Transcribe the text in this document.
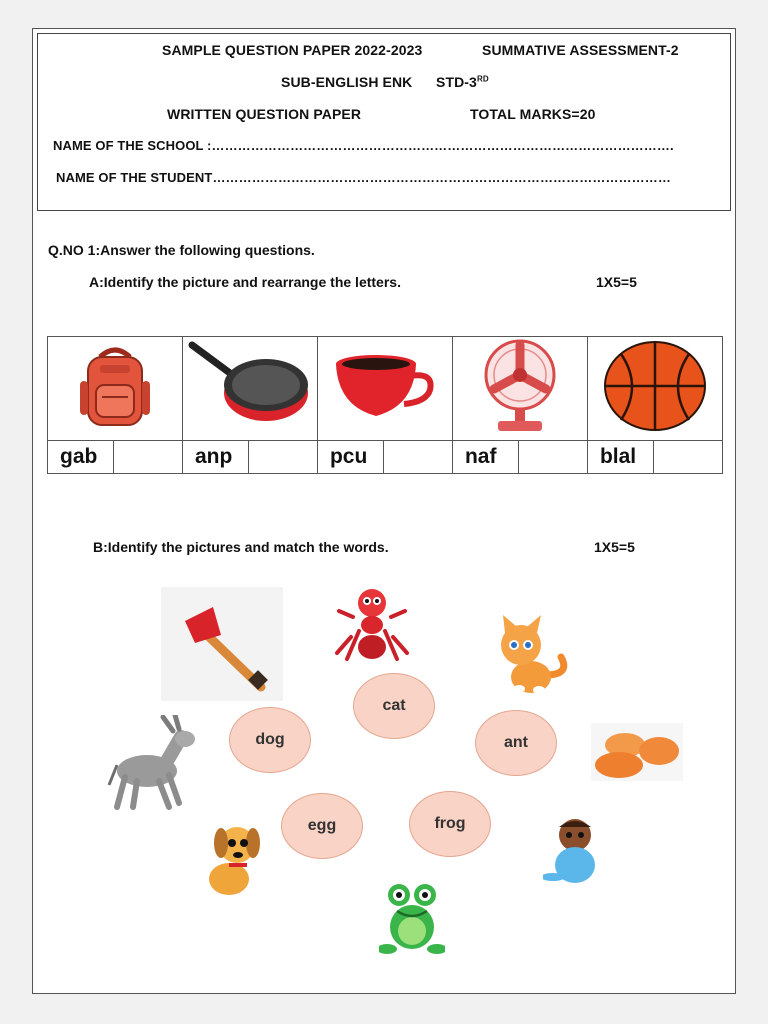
SAMPLE QUESTION PAPER 2022-2023	SUMMATIVE ASSESSMENT-2
SUB-ENGLISH ENK STD-3RD
WRITTEN QUESTION PAPER	TOTAL MARKS=20
NAME OF THE SCHOOL :…………………………………………………………………………………………….
NAME OF THE STUDENT……………………………………………………………………………………………
Q.NO 1:Answer the following questions.
A:Identify the picture and rearrange the letters.	1X5=5

gab		anp		pcu		naf		blal	
B:Identify the pictures and match the words.	1X5=5
cat
dog	ant
egg	frog
